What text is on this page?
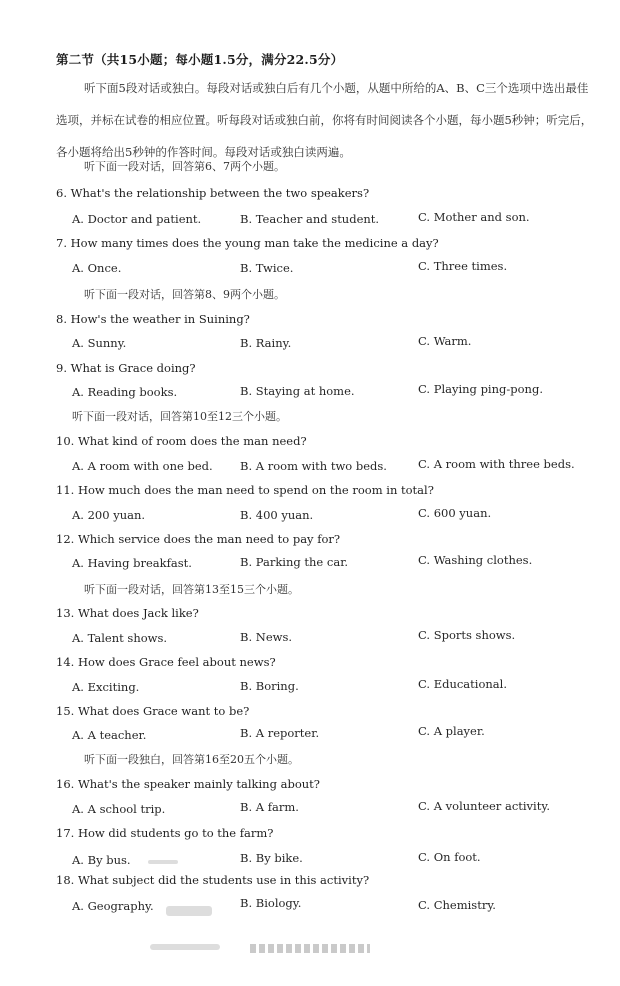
第二节（共15小题；每小题1.5分，满分22.5分）
听下面5段对话或独白。每段对话或独白后有几个小题，从题中所给的A、B、C三个选项中选出最佳选项，并标在试卷的相应位置。听每段对话或独白前，你将有时间阅读各个小题，每小题5秒钟；听完后，各小题将给出5秒钟的作答时间。每段对话或独白读两遍。
听下面一段对话，回答第6、7两个小题。
6. What's the relationship between the two speakers?
A. Doctor and patient.	B. Teacher and student.	C. Mother and son.
7. How many times does the young man take the medicine a day?
A. Once.	B. Twice.	C. Three times.
听下面一段对话，回答第8、9两个小题。
8. How's the weather in Suining?
A. Sunny.	B. Rainy.	C. Warm.
9. What is Grace doing?
A. Reading books.	B. Staying at home.	C. Playing ping-pong.
听下面一段对话，回答第10至12三个小题。
10. What kind of room does the man need?
A. A room with one bed. B. A room with two beds.	C. A room with three beds.
11. How much does the man need to spend on the room in total?
A. 200 yuan.	B. 400 yuan.	C. 600 yuan.
12. Which service does the man need to pay for?
A. Having breakfast.	B. Parking the car.	C. Washing clothes.
听下面一段对话，回答第13至15三个小题。
13. What does Jack like?
A. Talent shows.	B. News.	C. Sports shows.
14. How does Grace feel about news?
A. Exciting.	B. Boring.	C. Educational.
15. What does Grace want to be?
A. A teacher.	B. A reporter.	C. A player.
听下面一段独白，回答第16至20五个小题。
16. What's the speaker mainly talking about?
A. A school trip.	B. A farm.	C. A volunteer activity.
17. How did students go to the farm?
A. By bus.	B. By bike.	C. On foot.
18. What subject did the students use in this activity?
A. Geography.	B. Biology.	C. Chemistry.
